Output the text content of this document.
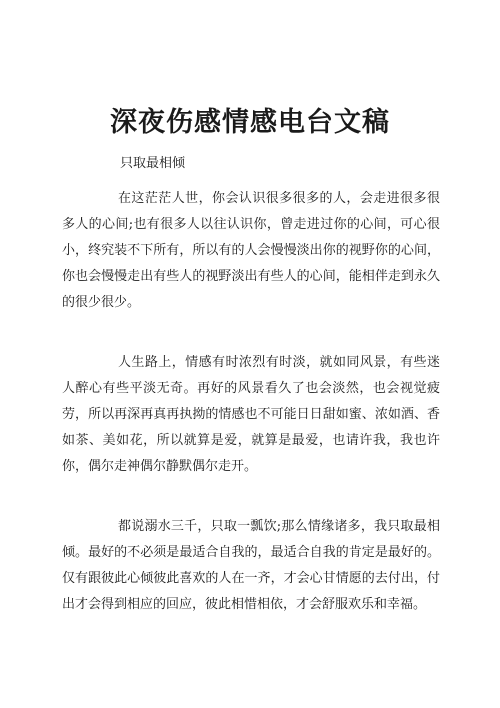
深夜伤感情感电台文稿

只取最相倾

在这茫茫人世，你会认识很多很多的人，会走进很多很多人的心间;也有很多人以往认识你，曾走进过你的心间，可心很小，终究装不下所有，所以有的人会慢慢淡出你的视野你的心间，你也会慢慢走出有些人的视野淡出有些人的心间，能相伴走到永久的很少很少。

人生路上，情感有时浓烈有时淡，就如同风景，有些迷人醉心有些平淡无奇。再好的风景看久了也会淡然，也会视觉疲劳，所以再深再真再执拗的情感也不可能日日甜如蜜、浓如酒、香如茶、美如花，所以就算是爱，就算是最爱，也请许我，我也许你，偶尔走神偶尔静默偶尔走开。

都说溺水三千，只取一瓢饮;那么情缘诸多，我只取最相倾。最好的不必须是最适合自我的，最适合自我的肯定是最好的。仅有跟彼此心倾彼此喜欢的人在一齐，才会心甘情愿的去付出，付出才会得到相应的回应，彼此相惜相依，才会舒服欢乐和幸福。
